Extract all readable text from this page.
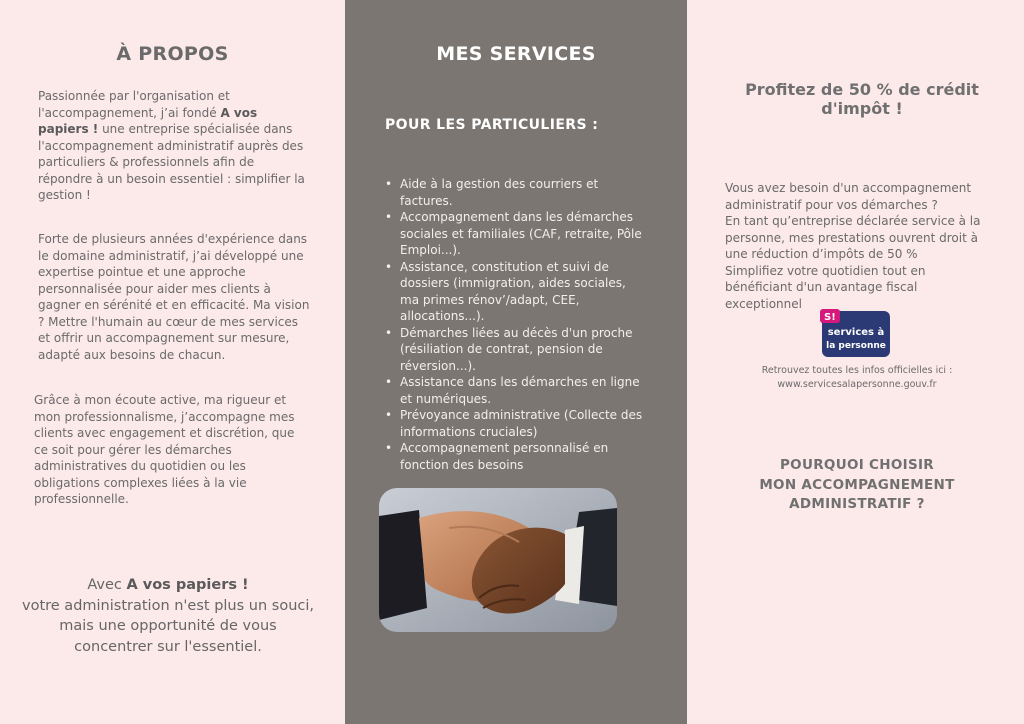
À PROPOS

Passionnée par l'organisation et l'accompagnement, j’ai fondé A vos papiers ! une entreprise spécialisée dans l'accompagnement administratif auprès des particuliers & professionnels afin de répondre à un besoin essentiel : simplifier la gestion !

Forte de plusieurs années d'expérience dans le domaine administratif, j’ai développé une expertise pointue et une approche personnalisée pour aider mes clients à gagner en sérénité et en efficacité. Ma vision ? Mettre l'humain au cœur de mes services et offrir un accompagnement sur mesure, adapté aux besoins de chacun.

Grâce à mon écoute active, ma rigueur et mon professionnalisme, j’accompagne mes clients avec engagement et discrétion, que ce soit pour gérer les démarches administratives du quotidien ou les obligations complexes liées à la vie professionnelle.

Avec A vos papiers !
votre administration n'est plus un souci, mais une opportunité de vous concentrer sur l'essentiel.

MES SERVICES
POUR LES PARTICULIERS :
• Aide à la gestion des courriers et factures.
• Accompagnement dans les démarches sociales et familiales (CAF, retraite, Pôle Emploi...).
• Assistance, constitution et suivi de dossiers (immigration, aides sociales, ma primes rénov’/adapt, CEE, allocations...).
• Démarches liées au décès d'un proche (résiliation de contrat, pension de réversion...).
• Assistance dans les démarches en ligne et numériques.
• Prévoyance administrative (Collecte des informations cruciales)
• Accompagnement personnalisé en fonction des besoins
Profitez de 50 % de crédit d'impôt !
Vous avez besoin d'un accompagnement administratif pour vos démarches ?
En tant qu’entreprise déclarée service à la personne, mes prestations ouvrent droit à une réduction d’impôts de 50 %
Simplifiez votre quotidien tout en bénéficiant d'un avantage fiscal exceptionnel
S!
services à
la personne
Retrouvez toutes les infos officielles ici :
www.servicesalapersonne.gouv.fr
POURQUOI CHOISIR
MON ACCOMPAGNEMENT
ADMINISTRATIF ?
